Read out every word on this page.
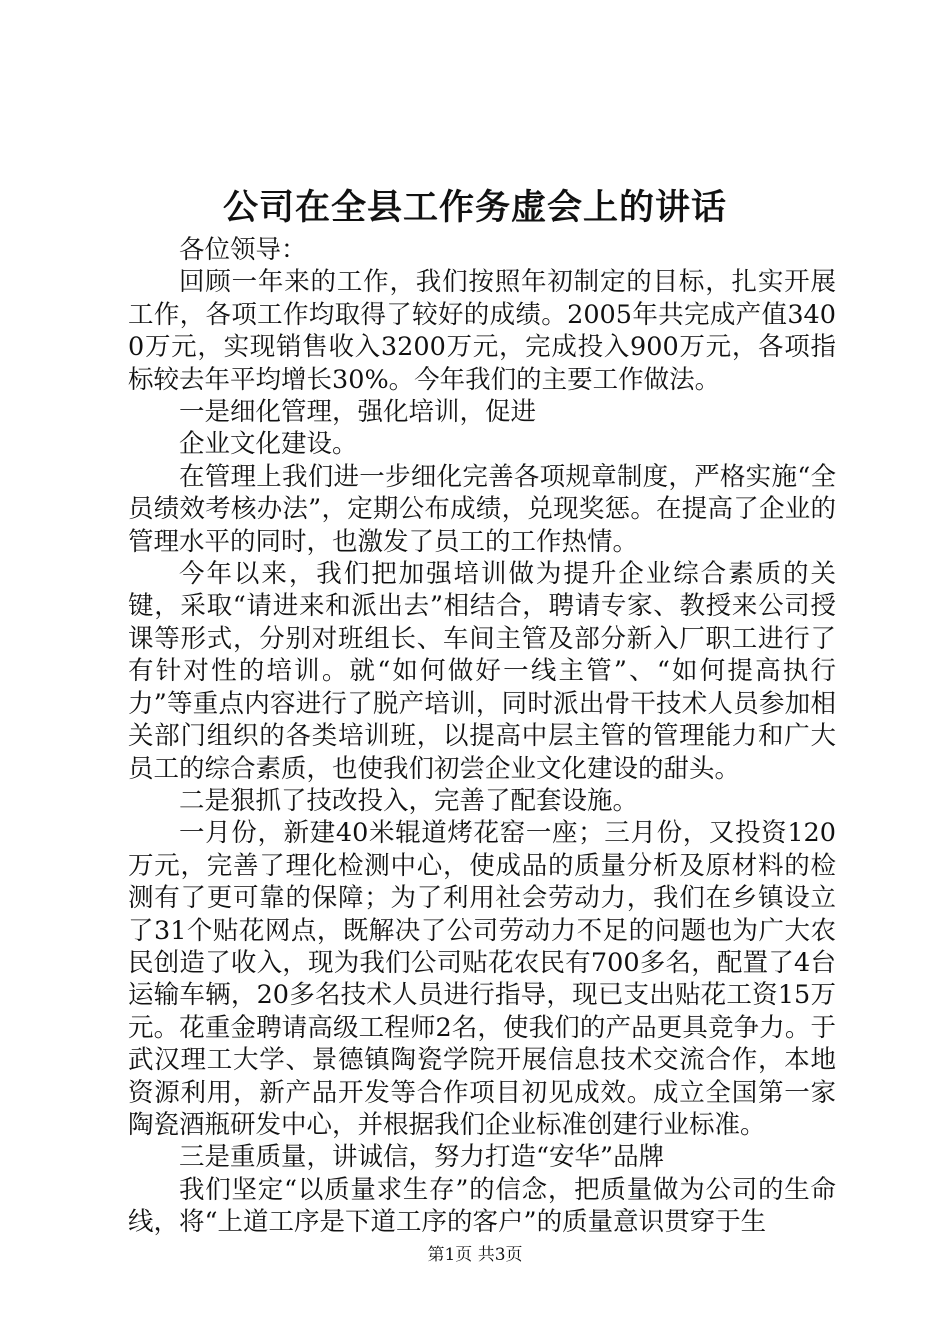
公司在全县工作务虚会上的讲话

各位领导：

回顾一年来的工作，我们按照年初制定的目标，扎实开展工作，各项工作均取得了较好的成绩。2005年共完成产值3400万元，实现销售收入3200万元，完成投入900万元，各项指标较去年平均增长30%。今年我们的主要工作做法。

一是细化管理，强化培训，促进

企业文化建设。

在管理上我们进一步细化完善各项规章制度，严格实施“全员绩效考核办法”，定期公布成绩，兑现奖惩。在提高了企业的管理水平的同时，也激发了员工的工作热情。

今年以来，我们把加强培训做为提升企业综合素质的关键，采取“请进来和派出去”相结合，聘请专家、教授来公司授课等形式，分别对班组长、车间主管及部分新入厂职工进行了有针对性的培训。就“如何做好一线主管”、“如何提高执行力”等重点内容进行了脱产培训，同时派出骨干技术人员参加相关部门组织的各类培训班，以提高中层主管的管理能力和广大员工的综合素质，也使我们初尝企业文化建设的甜头。

二是狠抓了技改投入，完善了配套设施。

一月份，新建40米辊道烤花窑一座；三月份，又投资120万元，完善了理化检测中心，使成品的质量分析及原材料的检测有了更可靠的保障；为了利用社会劳动力，我们在乡镇设立了31个贴花网点，既解决了公司劳动力不足的问题也为广大农民创造了收入，现为我们公司贴花农民有700多名，配置了4台运输车辆，20多名技术人员进行指导，现已支出贴花工资15万元。花重金聘请高级工程师2名，使我们的产品更具竞争力。于武汉理工大学、景德镇陶瓷学院开展信息技术交流合作，本地资源利用，新产品开发等合作项目初见成效。成立全国第一家陶瓷酒瓶研发中心，并根据我们企业标准创建行业标准。

三是重质量，讲诚信，努力打造“安华”品牌

我们坚定“以质量求生存”的信念，把质量做为公司的生命线，将“上道工序是下道工序的客户”的质量意识贯穿于生

第1页 共3页
